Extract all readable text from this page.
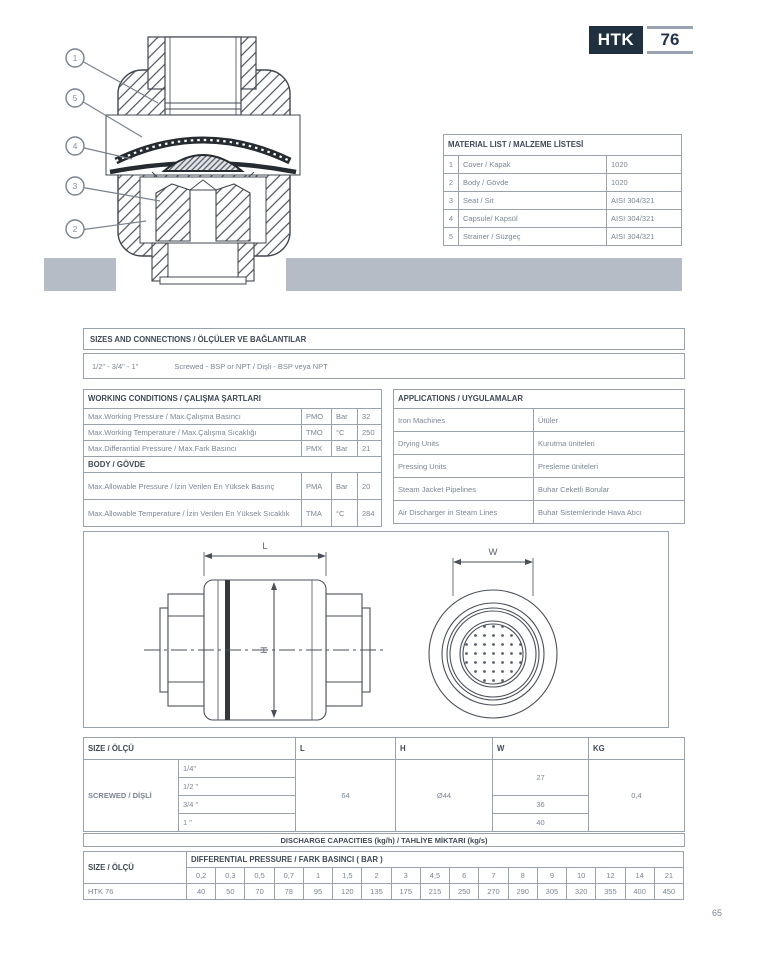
HTK	76
1
5
4
3
2
MATERIAL LIST / MALZEME LİSTESİ		
1	Cover / Kapak	1020
2	Body / Gövde	1020
3	Seat / Sit	AISI 304/321
4	Capsule/ Kapsül	AISI 304/321
5	Strainer / Süzgeç	AISI 304/321
SIZES AND CONNECTIONS / ÖLÇÜLER VE BAĞLANTILAR
1/2" - 3/4" - 1"	Screwed - BSP or NPT / Dişli - BSP veya NPT
WORKING CONDITIONS / ÇALIŞMA ŞARTLARI			
Max.Working Pressure / Max.Çalışma Basıncı	PMO	Bar	32
Max.Working Temperature / Max.Çalışma Sıcaklığı	TMO	°C	250
Max.Differantial Pressure / Max.Fark Basıncı	PMX	Bar	21
BODY / GÖVDE			
Max.Allowable Pressure / İzin Verilen En Yüksek Basınç	PMA	Bar	20
Max.Allowable Temperature / İzin Verilen En Yüksek Sıcaklık	TMA	°C	284
APPLICATIONS / UYGULAMALAR	
Iron Machines	Ütüler
Drying Units	Kurutma üniteleri
Pressing Units	Presleme üniteleri
Steam Jacket Pipelines	Buhar Ceketli Borular
Air Discharger in Steam Lines	Buhar Sistemlerinde Hava Atıcı
L
H
W
SIZE / ÖLÇÜ		L	H	W	KG
SCREWED / DİŞLİ	1/4"	64	Ø44	27	0,4
	1/2 "				
	3/4 "			36	
	1 "			40	
DISCHARGE CAPACITIES (kg/h) / TAHLİYE MİKTARI (kg/s)
SIZE / ÖLÇÜ	DIFFERENTIAL PRESSURE / FARK BASINCI ( BAR )																
	0,2	0,3	0,5	0,7	1	1,5	2	3	4,5	6	7	8	9	10	12	14	21
HTK 76	40	50	70	78	95	120	135	175	215	250	270	290	305	320	355	400	450
65
